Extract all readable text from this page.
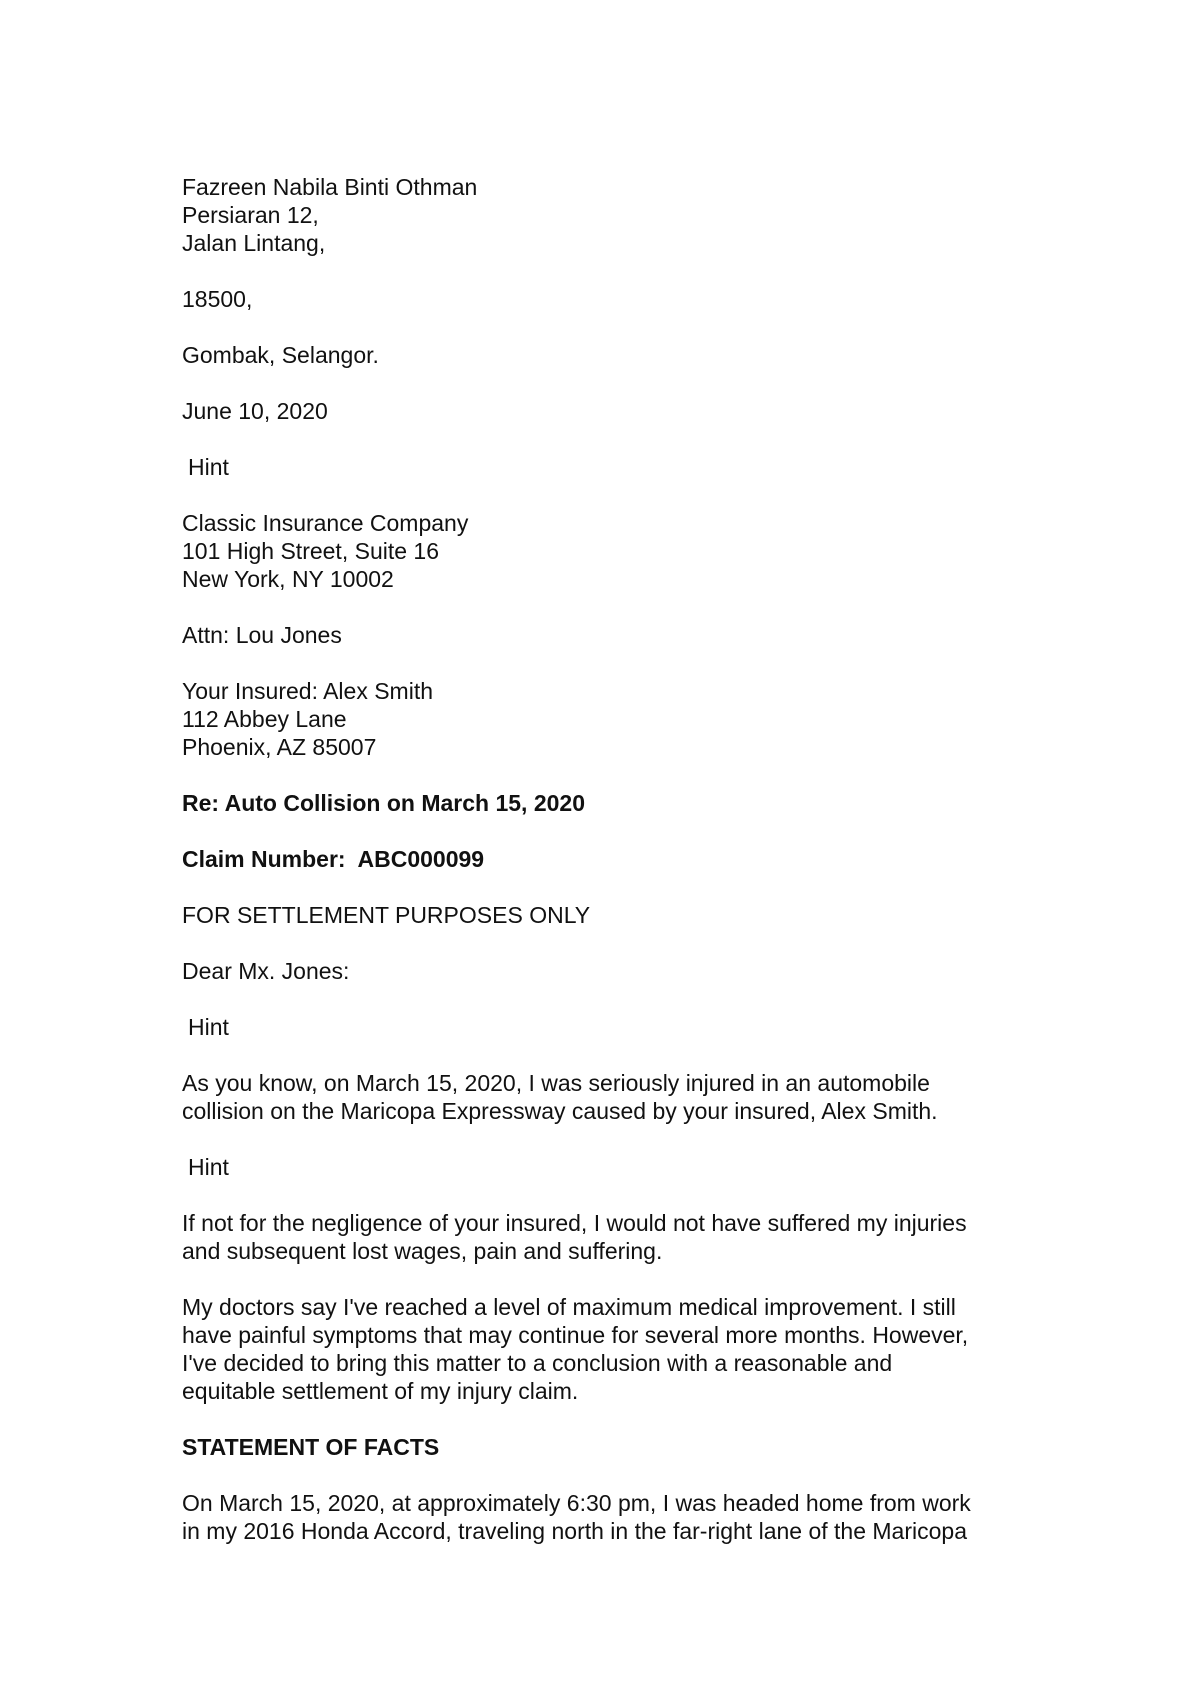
Fazreen Nabila Binti Othman
Persiaran 12,
Jalan Lintang,
18500,
Gombak, Selangor.
June 10, 2020
Hint
Classic Insurance Company
101 High Street, Suite 16
New York, NY 10002
Attn: Lou Jones
Your Insured: Alex Smith
112 Abbey Lane
Phoenix, AZ 85007
Re: Auto Collision on March 15, 2020
Claim Number:  ABC000099
FOR SETTLEMENT PURPOSES ONLY
Dear Mx. Jones:
Hint
As you know, on March 15, 2020, I was seriously injured in an automobile
collision on the Maricopa Expressway caused by your insured, Alex Smith.
Hint
If not for the negligence of your insured, I would not have suffered my injuries
and subsequent lost wages, pain and suffering.
My doctors say I've reached a level of maximum medical improvement. I still
have painful symptoms that may continue for several more months. However,
I've decided to bring this matter to a conclusion with a reasonable and
equitable settlement of my injury claim.
STATEMENT OF FACTS
On March 15, 2020, at approximately 6:30 pm, I was headed home from work
in my 2016 Honda Accord, traveling north in the far-right lane of the Maricopa
